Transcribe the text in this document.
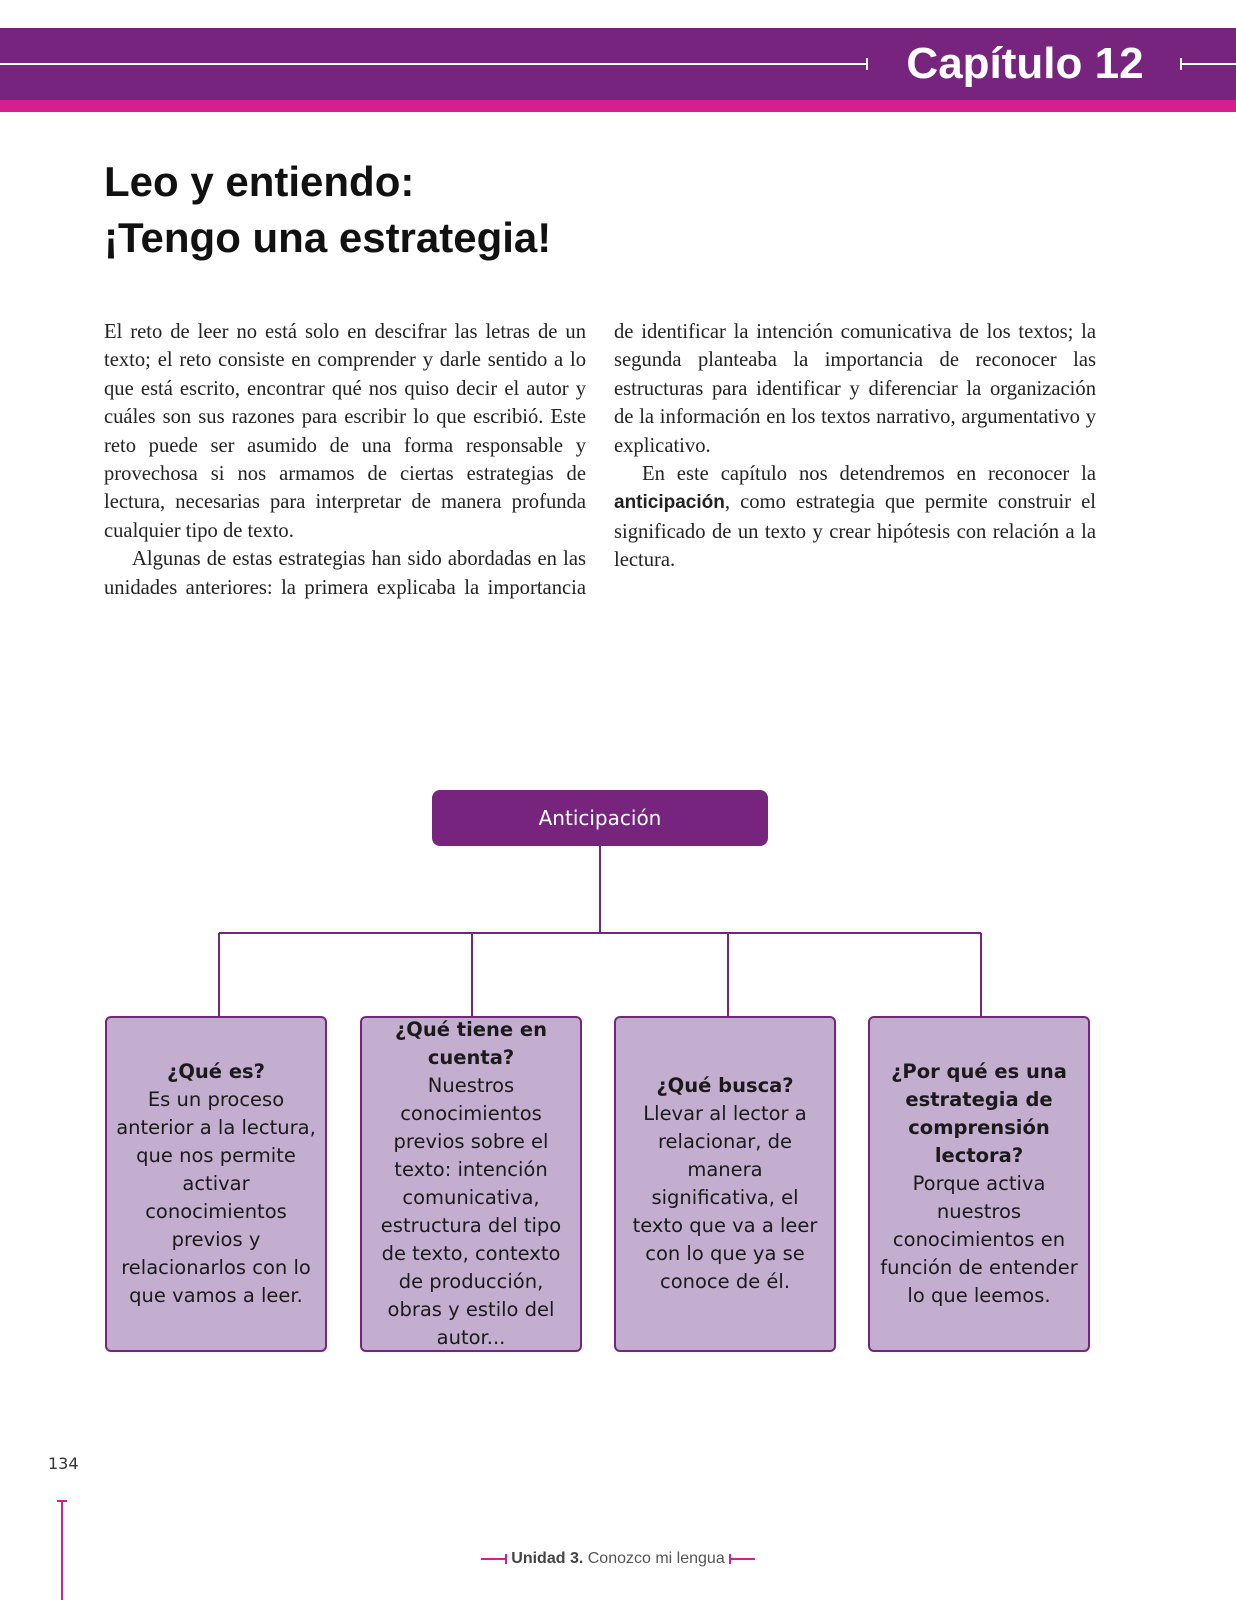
Capítulo 12
Leo y entiendo:
¡Tengo una estrategia!

El reto de leer no está solo en descifrar las letras de un texto; el reto consiste en comprender y darle sentido a lo que está escrito, encontrar qué nos quiso decir el autor y cuáles son sus razones para escribir lo que escribió. Este reto puede ser asumido de una forma responsable y provechosa si nos armamos de ciertas estrategias de lectura, necesarias para interpretar de manera profunda cualquier tipo de texto.

Algunas de estas estrategias han sido abordadas en las unidades anteriores: la primera explicaba la importancia

de identificar la intención comunicativa de los textos; la segunda planteaba la importancia de reconocer las estructuras para identificar y diferenciar la organización de la información en los textos narrativo, argumentativo y explicativo.

En este capítulo nos detendremos en reconocer la anticipación, como estrategia que permite construir el significado de un texto y crear hipótesis con relación a la lectura.

Anticipación
¿Qué es?
Es un proceso anterior a la lectura, que nos permite activar conocimientos previos y relacionarlos con lo que vamos a leer.
¿Qué tiene en cuenta?
Nuestros conocimientos previos sobre el texto: intención comunicativa, estructura del tipo de texto, contexto de producción, obras y estilo del autor...
¿Qué busca?
Llevar al lector a relacionar, de manera significativa, el texto que va a leer con lo que ya se conoce de él.
¿Por qué es una estrategia de comprensión lectora?
Porque activa nuestros conocimientos en función de entender lo que leemos.
134
Unidad 3. Conozco mi lengua
